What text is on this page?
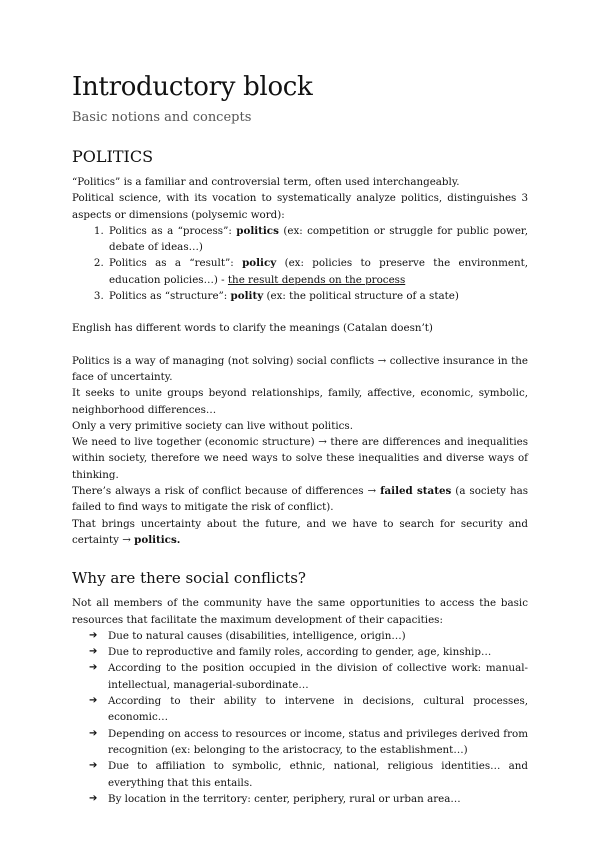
Introductory block
Basic notions and concepts
POLITICS

“Politics” is a familiar and controversial term, often used interchangeably.

Political science, with its vocation to systematically analyze politics, distinguishes 3 aspects or dimensions (polysemic word):

1. Politics as a “process”: politics (ex: competition or struggle for public power, debate of ideas…)
2. Politics as a “result”: policy (ex: policies to preserve the environment, education policies…) - the result depends on the process
3. Politics as “structure”: polity (ex: the political structure of a state)

English has different words to clarify the meanings (Catalan doesn’t)

Politics is a way of managing (not solving) social conflicts → collective insurance in the face of uncertainty.

It seeks to unite groups beyond relationships, family, affective, economic, symbolic, neighborhood differences…

Only a very primitive society can live without politics.

We need to live together (economic structure) → there are differences and inequalities within society, therefore we need ways to solve these inequalities and diverse ways of thinking.

There’s always a risk of conflict because of differences → failed states (a society has failed to find ways to mitigate the risk of conflict).

That brings uncertainty about the future, and we have to search for security and certainty → politics.

Why are there social conflicts?

Not all members of the community have the same opportunities to access the basic resources that facilitate the maximum development of their capacities:

➔ Due to natural causes (disabilities, intelligence, origin…)
➔ Due to reproductive and family roles, according to gender, age, kinship…
➔ According to the position occupied in the division of collective work: manual-intellectual, managerial-subordinate…
➔ According to their ability to intervene in decisions, cultural processes, economic…
➔ Depending on access to resources or income, status and privileges derived from recognition (ex: belonging to the aristocracy, to the establishment…)
➔ Due to affiliation to symbolic, ethnic, national, religious identities… and everything that this entails.
➔ By location in the territory: center, periphery, rural or urban area…
